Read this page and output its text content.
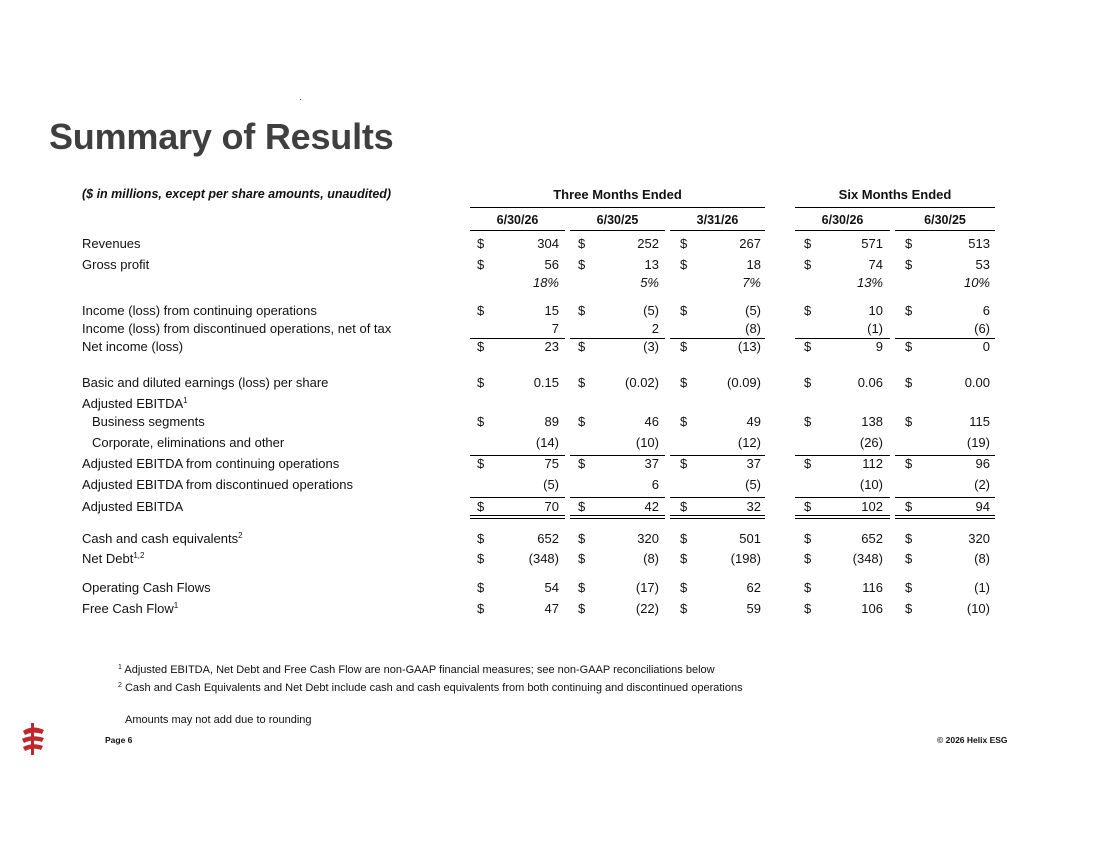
Summary of Results
($ in millions, except per share amounts, unaudited)	Three Months Ended	Six Months Ended
6/30/26	6/30/25	3/31/26	6/30/26	6/30/25
Revenues	$	304 $	252 $	267	$	571 $	513
Gross profit	$	56 $	13 $	18	$	74 $	53
18%	5%	7%	13%	10%
Income (loss) from continuing operations	$	15 $	(5) $	(5)	$	10 $	6
Income (loss) from discontinued operations, net of tax	7	2	(8)	(1)	(6)
Net income (loss)	$	23 $	(3) $	(13)	$	9 $	0
Basic and diluted earnings (loss) per share	$	0.15 $	(0.02) $	(0.09)	$	0.06 $	0.00
Adjusted EBITDA$^1$
Business segments	$	89 $	46 $	49	$	138 $	115
Corporate, eliminations and other	(14)	(10)	(12)	(26)	(19)
Adjusted EBITDA from continuing operations	$	75 $	37 $	37	$	112 $	96
Adjusted EBITDA from discontinued operations	(5)	6	(5)	(10)	(2)
Adjusted EBITDA	$	70 $	42 $	32	$	102 $	94
Cash and cash equivalents$^2$	$	652 $	320 $	501	$	652 $	320
Net Debt$^{1,2}$	$	(348) $	(8) $	(198)	$	(348) $	(8)
Operating Cash Flows	$	54 $	(17) $	62	$	116 $	(1)
Free Cash Flow$^1$	$	47 $	(22) $	59	$	106 $	(10)
$^1$ Adjusted EBITDA, Net Debt and Free Cash Flow are non-GAAP financial measures; see non-GAAP reconciliations below
$^2$ Cash and Cash Equivalents and Net Debt include cash and cash equivalents from both continuing and discontinued operations
Amounts may not add due to rounding
Page 6	© 2026 Helix ESG
